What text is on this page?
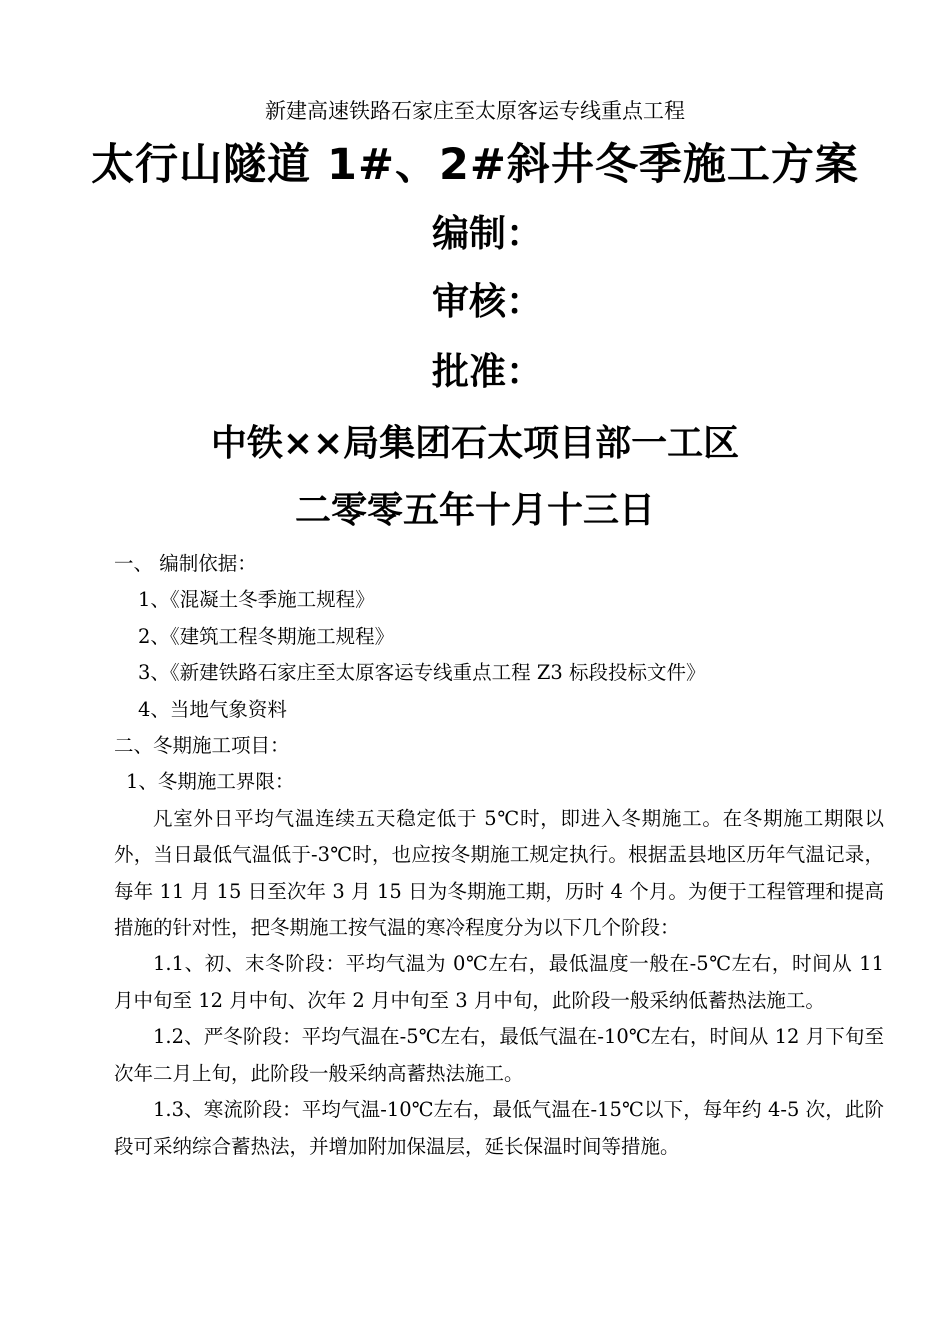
新建高速铁路石家庄至太原客运专线重点工程
太行山隧道 1#、2#斜井冬季施工方案
编制：
审核：
批准：
中铁××局集团石太项目部一工区
二零零五年十月十三日

一、 编制依据：

1、《混凝土冬季施工规程》

2、《建筑工程冬期施工规程》

3、《新建铁路石家庄至太原客运专线重点工程 Z3 标段投标文件》

4、当地气象资料

二、冬期施工项目：

1、冬期施工界限：

凡室外日平均气温连续五天稳定低于 5℃时，即进入冬期施工。在冬期施工期限以外，当日最低气温低于-3℃时，也应按冬期施工规定执行。根据盂县地区历年气温记录，每年 11 月 15 日至次年 3 月 15 日为冬期施工期，历时 4 个月。为便于工程管理和提高措施的针对性，把冬期施工按气温的寒冷程度分为以下几个阶段：

1.1、初、末冬阶段：平均气温为 0℃左右，最低温度一般在-5℃左右，时间从 11 月中旬至 12 月中旬、次年 2 月中旬至 3 月中旬，此阶段一般采纳低蓄热法施工。

1.2、严冬阶段：平均气温在-5℃左右，最低气温在-10℃左右，时间从 12 月下旬至次年二月上旬，此阶段一般采纳高蓄热法施工。

1.3、寒流阶段：平均气温-10℃左右，最低气温在-15℃以下，每年约 4-5 次，此阶段可采纳综合蓄热法，并增加附加保温层，延长保温时间等措施。
